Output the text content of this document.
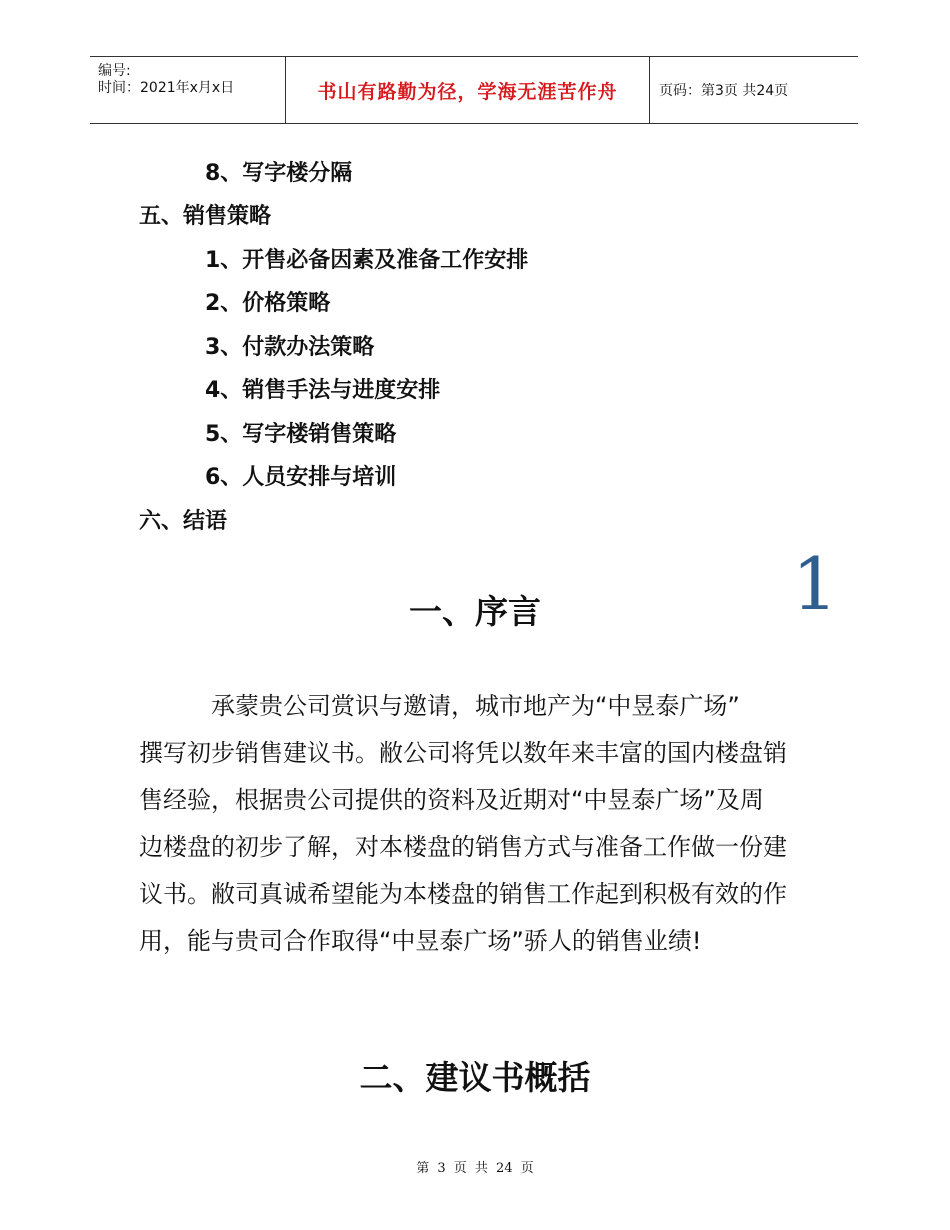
编号:
时间：2021年x月x日	书山有路勤为径，学海无涯苦作舟	页码：第3页 共24页
8、写字楼分隔
五、销售策略
1、开售必备因素及准备工作安排
2、价格策略
3、付款办法策略
4、销售手法与进度安排
5、写字楼销售策略
6、人员安排与培训
六、结语
一、序言	1
承蒙贵公司赏识与邀请，城市地产为“中昱泰广场”
撰写初步销售建议书。敝公司将凭以数年来丰富的国内楼盘销
售经验，根据贵公司提供的资料及近期对“中昱泰广场”及周
边楼盘的初步了解，对本楼盘的销售方式与准备工作做一份建
议书。敝司真诚希望能为本楼盘的销售工作起到积极有效的作
用，能与贵司合作取得“中昱泰广场”骄人的销售业绩!
二、建议书概括
第 3 页 共 24 页
